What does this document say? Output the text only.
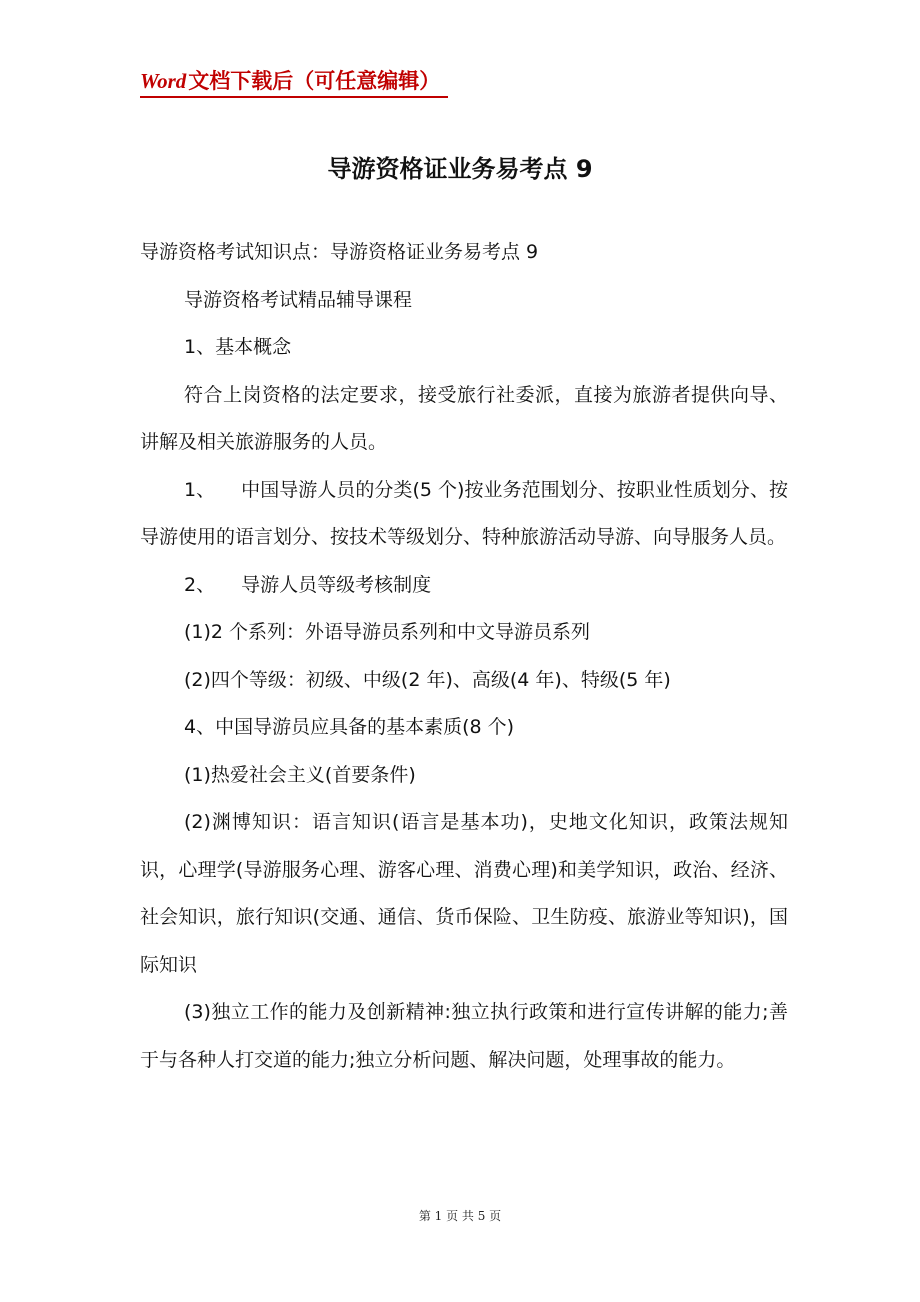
Word文档下载后（可任意编辑）
导游资格证业务易考点 9

导游资格考试知识点：导游资格证业务易考点 9

导游资格考试精品辅导课程

1、基本概念

符合上岗资格的法定要求，接受旅行社委派，直接为旅游者提供向导、讲解及相关旅游服务的人员。

1、 中国导游人员的分类(5 个)按业务范围划分、按职业性质划分、按导游使用的语言划分、按技术等级划分、特种旅游活动导游、向导服务人员。

2、 导游人员等级考核制度

(1)2 个系列：外语导游员系列和中文导游员系列

(2)四个等级：初级、中级(2 年)、高级(4 年)、特级(5 年)

4、中国导游员应具备的基本素质(8 个)

(1)热爱社会主义(首要条件)

(2)渊博知识：语言知识(语言是基本功)，史地文化知识，政策法规知识，心理学(导游服务心理、游客心理、消费心理)和美学知识，政治、经济、社会知识，旅行知识(交通、通信、货币保险、卫生防疫、旅游业等知识)，国际知识

(3)独立工作的能力及创新精神:独立执行政策和进行宣传讲解的能力;善于与各种人打交道的能力;独立分析问题、解决问题，处理事故的能力。

第 1 页 共 5 页
